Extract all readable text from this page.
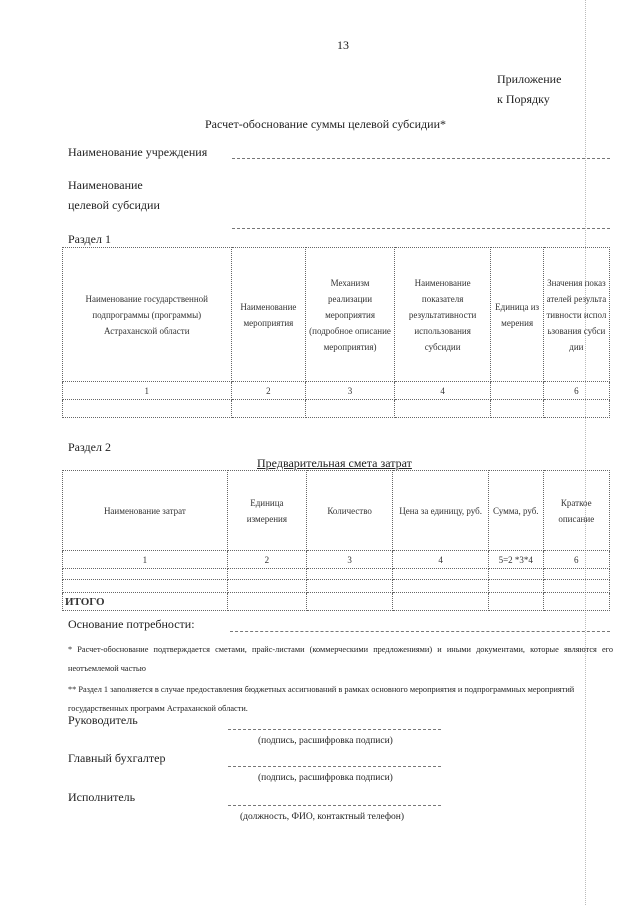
13
Приложение
к Порядку
Расчет-обоснование суммы целевой субсидии*
Наименование учреждения
Наименование
целевой субсидии
Раздел 1
Наименование государственной подпрограммы (программы) Астраханской области	Наименование мероприятия	Механизм реализации мероприятия (подробное описание мероприятия)	Наименование показателя результативности использования субсидии	Единица измерения	Значения показателей результативности использования субсидии
1	2	3	4		6

Раздел 2
Предварительная смета затрат
Наименование затрат	Единица измерения	Количество	Цена за единицу, руб.	Сумма, руб.	Краткое описание
1	2	3	4	5=2 *3*4	6

ИТОГО					
Основание потребности:
* Расчет-обоснование подтверждается сметами, прайс-листами (коммерческими предложениями) и иными документами, которые являются его неотъемлемой частью
** Раздел 1 заполняется в случае предоставления бюджетных ассигнований в рамках основного мероприятия и подпрограммных мероприятий государственных программ Астраханской области.
Руководитель
(подпись, расшифровка подписи)
Главный бухгалтер
(подпись, расшифровка подписи)
Исполнитель
(должность, ФИО, контактный телефон)
